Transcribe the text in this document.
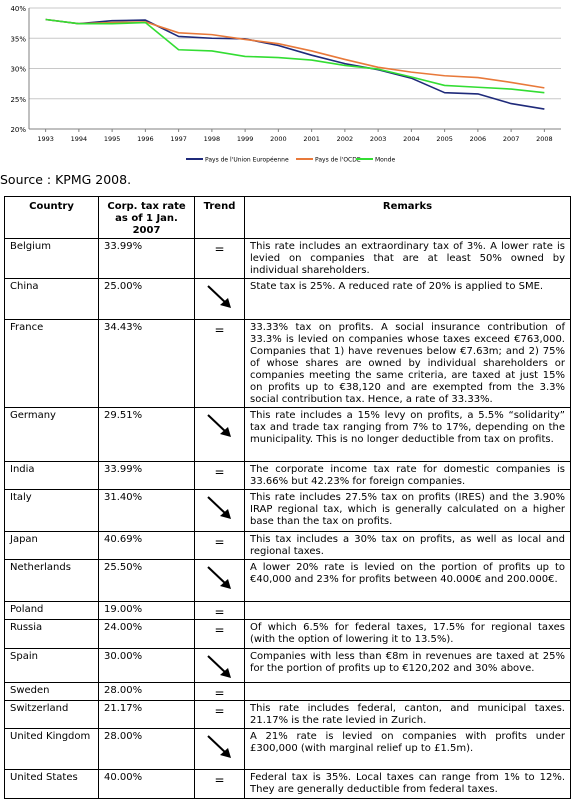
20%
25%
30%
35%
40%
1993	1994	1995	1996	1997	1998	1999	2000	2001	2002	2003	2004	2005	2006	2007	2008
Pays de l'Union Européenne	Pays de l'OCDE Monde
Source : KPMG 2008.
Country	Corp. tax rate as of 1 Jan. 2007	Trend	Remarks
Belgium	33.99%	=	This rate includes an extraordinary tax of 3%. A lower rate is levied on companies that are at least 50% owned by individual shareholders.
China	25.00%		State tax is 25%. A reduced rate of 20% is applied to SME.
France	34.43%	=	33.33% tax on profits. A social insurance contribution of 33.3% is levied on companies whose taxes exceed €763,000. Companies that 1) have revenues below €7.63m; and 2) 75% of whose shares are owned by individual shareholders or companies meeting the same criteria, are taxed at just 15% on profits up to €38,120 and are exempted from the 3.3% social contribution tax. Hence, a rate of 33.33%.
Germany	29.51%		This rate includes a 15% levy on profits, a 5.5% “solidarity” tax and trade tax ranging from 7% to 17%, depending on the municipality. This is no longer deductible from tax on profits.
India	33.99%	=	The corporate income tax rate for domestic companies is 33.66% but 42.23% for foreign companies.
Italy	31.40%		This rate includes 27.5% tax on profits (IRES) and the 3.90% IRAP regional tax, which is generally calculated on a higher base than the tax on profits.
Japan	40.69%	=	This tax includes a 30% tax on profits, as well as local and regional taxes.
Netherlands	25.50%		A lower 20% rate is levied on the portion of profits up to €40,000 and 23% for profits between 40.000€ and 200.000€.
Poland	19.00%	=	

Russia	24.00%	=	Of which 6.5% for federal taxes, 17.5% for regional taxes (with the option of lowering it to 13.5%).
Spain	30.00%		Companies with less than €8m in revenues are taxed at 25% for the portion of profits up to €120,202 and 30% above.
Sweden	28.00%	=	

Switzerland	21.17%	=	This rate includes federal, canton, and municipal taxes. 21.17% is the rate levied in Zurich.
United Kingdom	28.00%		A 21% rate is levied on companies with profits under £300,000 (with marginal relief up to £1.5m).
United States	40.00%	=	Federal tax is 35%. Local taxes can range from 1% to 12%. They are generally deductible from federal taxes.
